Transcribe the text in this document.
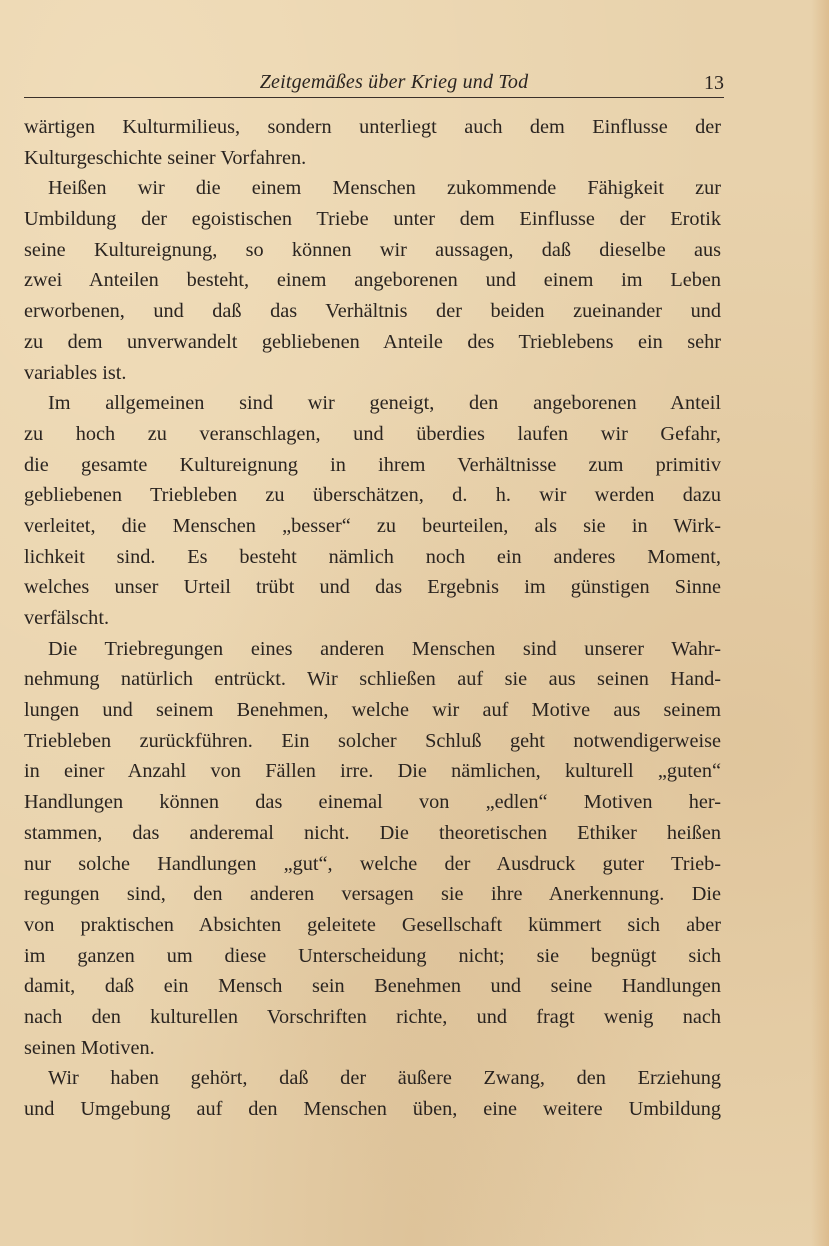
Zeitgemäßes über Krieg und Tod	13
wärtigen Kulturmilieus, sondern unterliegt auch dem Einflusse der
Kulturgeschichte seiner Vorfahren.
Heißen wir die einem Menschen zukommende Fähigkeit zur
Umbildung der egoistischen Triebe unter dem Einflusse der Erotik
seine Kultureignung, so können wir aussagen, daß dieselbe aus
zwei Anteilen besteht, einem angeborenen und einem im Leben
erworbenen, und daß das Verhältnis der beiden zueinander und
zu dem unverwandelt gebliebenen Anteile des Trieblebens ein sehr
variables ist.
Im allgemeinen sind wir geneigt, den angeborenen Anteil
zu hoch zu veranschlagen, und überdies laufen wir Gefahr,
die gesamte Kultureignung in ihrem Verhältnisse zum primitiv
gebliebenen Triebleben zu überschätzen, d. h. wir werden dazu
verleitet, die Menschen „besser“ zu beurteilen, als sie in Wirk-
lichkeit sind. Es besteht nämlich noch ein anderes Moment,
welches unser Urteil trübt und das Ergebnis im günstigen Sinne
verfälscht.
Die Triebregungen eines anderen Menschen sind unserer Wahr-
nehmung natürlich entrückt. Wir schließen auf sie aus seinen Hand-
lungen und seinem Benehmen, welche wir auf Motive aus seinem
Triebleben zurückführen. Ein solcher Schluß geht notwendigerweise
in einer Anzahl von Fällen irre. Die nämlichen, kulturell „guten“
Handlungen können das einemal von „edlen“ Motiven her-
stammen, das anderemal nicht. Die theoretischen Ethiker heißen
nur solche Handlungen „gut“, welche der Ausdruck guter Trieb-
regungen sind, den anderen versagen sie ihre Anerkennung. Die
von praktischen Absichten geleitete Gesellschaft kümmert sich aber
im ganzen um diese Unterscheidung nicht; sie begnügt sich
damit, daß ein Mensch sein Benehmen und seine Handlungen
nach den kulturellen Vorschriften richte, und fragt wenig nach
seinen Motiven.
Wir haben gehört, daß der äußere Zwang, den Erziehung
und Umgebung auf den Menschen üben, eine weitere Umbildung
